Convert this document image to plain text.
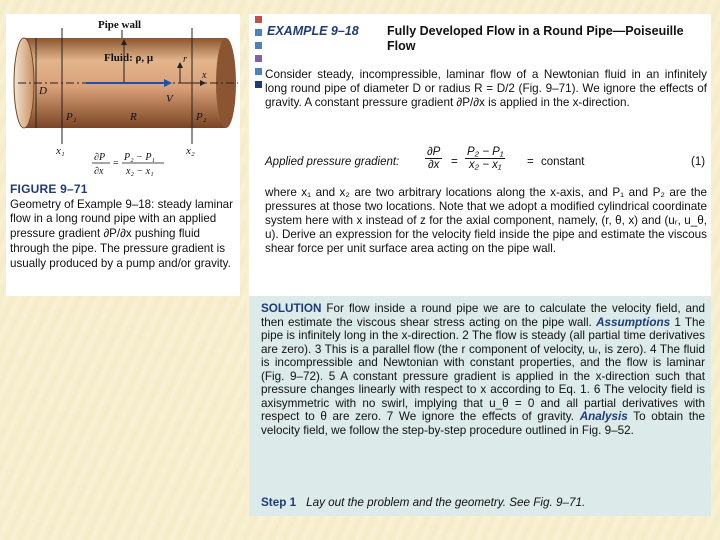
Pipe wall
Fluid: ρ, μ
D
P₁	R	P₂
V
r
x
x₁	x₂
∂P
∂x
=
P₂ − P₁
x₂ − x₁
FIGURE 9–71
Geometry of Example 9–18: steady laminar flow in a long round pipe with an applied pressure gradient ∂P/∂x pushing fluid through the pipe. The pressure gradient is usually produced by a pump and/or gravity.
EXAMPLE 9–18 Fully Developed Flow in a Round Pipe—Poiseuille Flow
Consider steady, incompressible, laminar flow of a Newtonian fluid in an infinitely long round pipe of diameter D or radius R = D/2 (Fig. 9–71). We ignore the effects of gravity. A constant pressure gradient ∂P/∂x is applied in the x-direction.
Applied pressure gradient: $\frac{\partial P}{\partial x} = \frac{\text{P₂ − P₁}}{\text{x₂ − x₁}}$ = constant	(1)
where x₁ and x₂ are two arbitrary locations along the x-axis, and P₁ and P₂ are the pressures at those two locations. Note that we adopt a modified cylindrical coordinate system here with x instead of z for the axial component, namely, (r, θ, x) and (uᵣ, u_θ, u). Derive an expression for the velocity field inside the pipe and estimate the viscous shear force per unit surface area acting on the pipe wall.
SOLUTION For flow inside a round pipe we are to calculate the velocity field, and then estimate the viscous shear stress acting on the pipe wall. Assumptions 1 The pipe is infinitely long in the x-direction. 2 The flow is steady (all partial time derivatives are zero). 3 This is a parallel flow (the r component of velocity, uᵣ, is zero). 4 The fluid is incompressible and Newtonian with constant properties, and the flow is laminar (Fig. 9–72). 5 A constant pressure gradient is applied in the x-direction such that pressure changes linearly with respect to x according to Eq. 1. 6 The velocity field is axisymmetric with no swirl, implying that u_θ = 0 and all partial derivatives with respect to θ are zero. 7 We ignore the effects of gravity. Analysis To obtain the velocity field, we follow the step-by-step procedure outlined in Fig. 9–52.
Step 1 Lay out the problem and the geometry. See Fig. 9–71.
